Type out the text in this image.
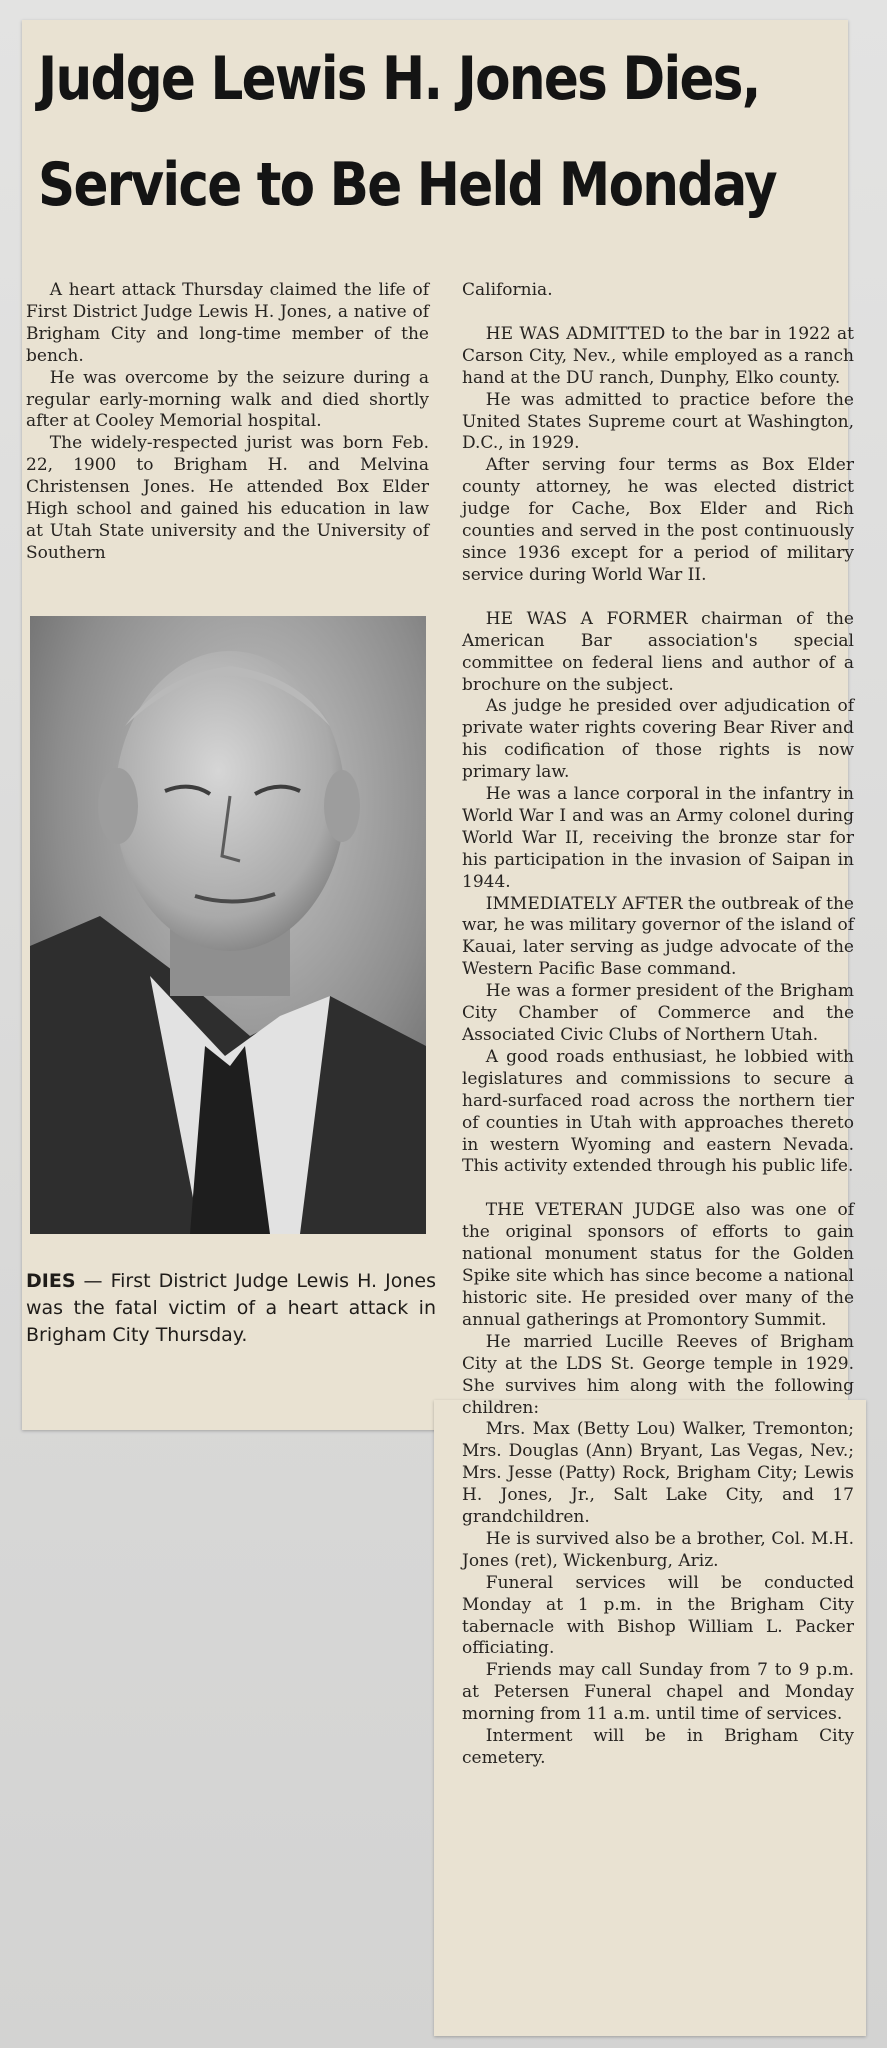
Judge Lewis H. Jones Dies,
Service to Be Held Monday

A heart attack Thursday claimed the life of First District Judge Lewis H. Jones, a native of Brigham City and long-time member of the bench.

He was overcome by the seizure during a regular early-morning walk and died shortly after at Cooley Memorial hospital.

The widely-respected jurist was born Feb. 22, 1900 to Brigham H. and Melvina Christensen Jones. He attended Box Elder High school and gained his education in law at Utah State university and the University of Southern

DIES — First District Judge Lewis H. Jones was the fatal victim of a heart attack in Brigham City Thursday.

California.

HE WAS ADMITTED to the bar in 1922 at Carson City, Nev., while employed as a ranch hand at the DU ranch, Dunphy, Elko county.

He was admitted to practice before the United States Supreme court at Washington, D.C., in 1929.

After serving four terms as Box Elder county attorney, he was elected district judge for Cache, Box Elder and Rich counties and served in the post continuously since 1936 except for a period of military service during World War II.

HE WAS A FORMER chairman of the American Bar association's special committee on federal liens and author of a brochure on the subject.

As judge he presided over adjudication of private water rights covering Bear River and his codification of those rights is now primary law.

He was a lance corporal in the infantry in World War I and was an Army colonel during World War II, receiving the bronze star for his participation in the invasion of Saipan in 1944.

IMMEDIATELY AFTER the outbreak of the war, he was military governor of the island of Kauai, later serving as judge advocate of the Western Pacific Base command.

He was a former president of the Brigham City Chamber of Commerce and the Associated Civic Clubs of Northern Utah.

A good roads enthusiast, he lobbied with legislatures and commissions to secure a hard-surfaced road across the northern tier of counties in Utah with approaches thereto in western Wyoming and eastern Nevada. This activity extended through his public life.

THE VETERAN JUDGE also was one of the original sponsors of efforts to gain national monument status for the Golden Spike site which has since become a national historic site. He presided over many of the annual gatherings at Promontory Summit.

He married Lucille Reeves of Brigham City at the LDS St. George temple in 1929. She survives him along with the following children:

Mrs. Max (Betty Lou) Walker, Tremonton; Mrs. Douglas (Ann) Bryant, Las Vegas, Nev.; Mrs. Jesse (Patty) Rock, Brigham City; Lewis H. Jones, Jr., Salt Lake City, and 17 grandchildren.

He is survived also be a brother, Col. M.H. Jones (ret), Wickenburg, Ariz.

Funeral services will be conducted Monday at 1 p.m. in the Brigham City tabernacle with Bishop William L. Packer officiating.

Friends may call Sunday from 7 to 9 p.m. at Petersen Funeral chapel and Monday morning from 11 a.m. until time of services.

Interment will be in Brigham City cemetery.
